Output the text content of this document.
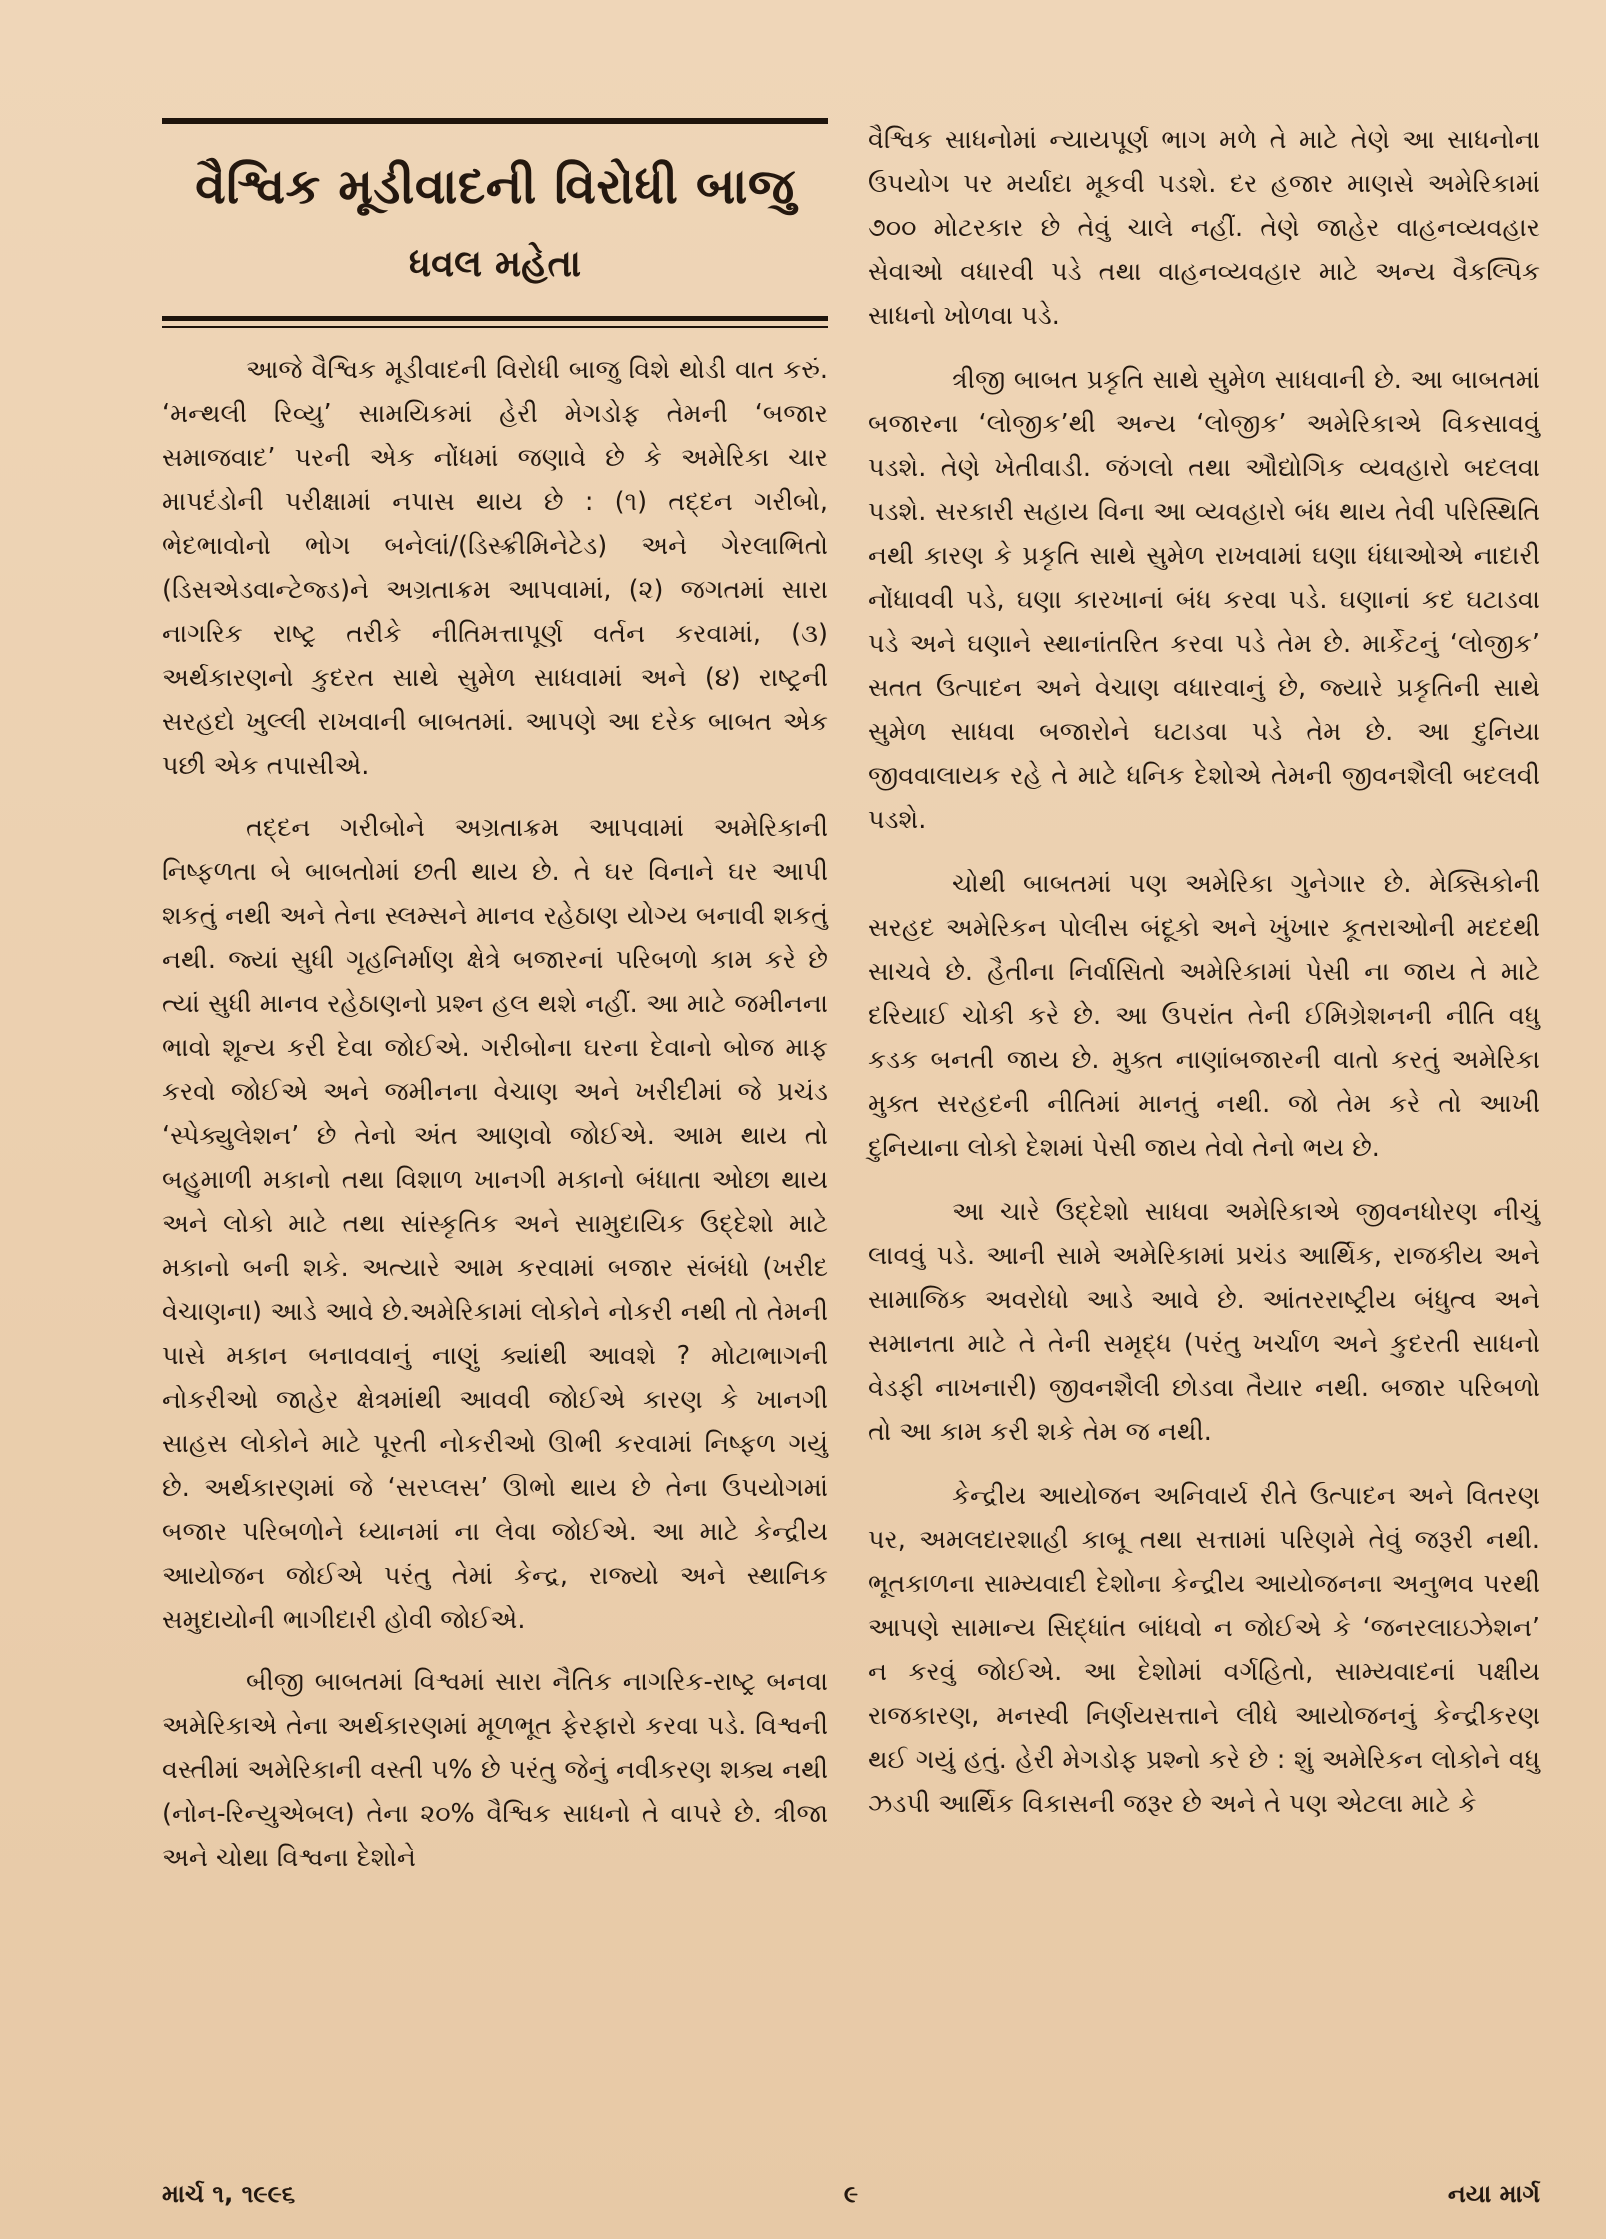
વૈશ્વિક મૂડીવાદની વિરોધી બાજુ
ધવલ મહેતા

આજે વૈશ્વિક મૂડીવાદની વિરોધી બાજુ વિશે થોડી વાત કરું. ‘મન્થલી રિવ્યુ’ સામયિકમાં હેરી મેગડોફ તેમની ‘બજાર સમાજવાદ’ પરની એક નોંધમાં જણાવે છે કે અમેરિકા ચાર માપદંડોની પરીક્ષામાં નપાસ થાય છે : (૧) તદ્દન ગરીબો, ભેદભાવોનો ભોગ બનેલાં/(ડિસ્ક્રીમિનેટેડ) અને ગેરલાભિતો (ડિસએડવાન્ટેજ્ડ)ને અગ્રતાક્રમ આપવામાં, (૨) જગતમાં સારા નાગરિક રાષ્ટ્ર તરીકે નીતિમત્તાપૂર્ણ વર્તન કરવામાં, (૩) અર્થકારણનો કુદરત સાથે સુમેળ સાધવામાં અને (૪) રાષ્ટ્રની સરહદો ખુલ્લી રાખવાની બાબતમાં. આપણે આ દરેક બાબત એક પછી એક તપાસીએ.

તદ્દન ગરીબોને અગ્રતાક્રમ આપવામાં અમેરિકાની નિષ્ફળતા બે બાબતોમાં છતી થાય છે. તે ઘર વિનાને ઘર આપી શકતું નથી અને તેના સ્લમ્સને માનવ રહેઠાણ યોગ્ય બનાવી શકતું નથી. જ્યાં સુધી ગૃહનિર્માણ ક્ષેત્રે બજારનાં પરિબળો કામ કરે છે ત્યાં સુધી માનવ રહેઠાણનો પ્રશ્ન હલ થશે નહીં. આ માટે જમીનના ભાવો શૂન્ય કરી દેવા જોઈએ. ગરીબોના ઘરના દેવાનો બોજ માફ કરવો જોઈએ અને જમીનના વેચાણ અને ખરીદીમાં જે પ્રચંડ ‘સ્પેક્યુલેશન’ છે તેનો અંત આણવો જોઈએ. આમ થાય તો બહુમાળી મકાનો તથા વિશાળ ખાનગી મકાનો બંધાતા ઓછા થાય અને લોકો માટે તથા સાંસ્કૃતિક અને સામુદાયિક ઉદ્દેશો માટે મકાનો બની શકે. અત્યારે આમ કરવામાં બજાર સંબંધો (ખરીદ વેચાણના) આડે આવે છે.અમેરિકામાં લોકોને નોકરી નથી તો તેમની પાસે મકાન બનાવવાનું નાણું ક્યાંથી આવશે ? મોટાભાગની નોકરીઓ જાહેર ક્ષેત્રમાંથી આવવી જોઈએ કારણ કે ખાનગી સાહસ લોકોને માટે પૂરતી નોકરીઓ ઊભી કરવામાં નિષ્ફળ ગયું છે. અર્થકારણમાં જે ‘સરપ્લસ’ ઊભો થાય છે તેના ઉપયોગમાં બજાર પરિબળોને ધ્યાનમાં ના લેવા જોઈએ. આ માટે કેન્દ્રીય આયોજન જોઈએ પરંતુ તેમાં કેન્દ્ર, રાજ્યો અને સ્થાનિક સમુદાયોની ભાગીદારી હોવી જોઈએ.

બીજી બાબતમાં વિશ્વમાં સારા નૈતિક નાગરિક-રાષ્ટ્ર બનવા અમેરિકાએ તેના અર્થકારણમાં મૂળભૂત ફેરફારો કરવા પડે. વિશ્વની વસ્તીમાં અમેરિકાની વસ્તી ૫% છે પરંતુ જેનું નવીકરણ શક્ય નથી (નોન-રિન્યુએબલ) તેના ૨૦% વૈશ્વિક સાધનો તે વાપરે છે. ત્રીજા અને ચોથા વિશ્વના દેશોને

વૈશ્વિક સાધનોમાં ન્યાયપૂર્ણ ભાગ મળે તે માટે તેણે આ સાધનોના ઉપયોગ પર મર્યાદા મૂકવી પડશે. દર હજાર માણસે અમેરિકામાં ૭૦૦ મોટરકાર છે તેવું ચાલે નહીં. તેણે જાહેર વાહનવ્યવહાર સેવાઓ વધારવી પડે તથા વાહનવ્યવહાર માટે અન્ય વૈકલ્પિક સાધનો ખોળવા પડે.

ત્રીજી બાબત પ્રકૃતિ સાથે સુમેળ સાધવાની છે. આ બાબતમાં બજારના ‘લોજીક’થી અન્ય ‘લોજીક’ અમેરિકાએ વિકસાવવું પડશે. તેણે ખેતીવાડી. જંગલો તથા ઔદ્યોગિક વ્યવહારો બદલવા પડશે. સરકારી સહાય વિના આ વ્યવહારો બંધ થાય તેવી પરિસ્થિતિ નથી કારણ કે પ્રકૃતિ સાથે સુમેળ રાખવામાં ઘણા ધંધાઓએ નાદારી નોંધાવવી પડે, ઘણા કારખાનાં બંધ કરવા પડે. ઘણાનાં કદ ઘટાડવા પડે અને ઘણાને સ્થાનાંતરિત કરવા પડે તેમ છે. માર્કેટનું ‘લોજીક’ સતત ઉત્પાદન અને વેચાણ વધારવાનું છે, જ્યારે પ્રકૃતિની સાથે સુમેળ સાધવા બજારોને ઘટાડવા પડે તેમ છે. આ દુનિયા જીવવાલાયક રહે તે માટે ધનિક દેશોએ તેમની જીવનશૈલી બદલવી પડશે.

ચોથી બાબતમાં પણ અમેરિકા ગુનેગાર છે. મેક્સિકોની સરહદ અમેરિકન પોલીસ બંદૂકો અને ખુંખાર કૂતરાઓની મદદથી સાચવે છે. હૈતીના નિર્વાસિતો અમેરિકામાં પેસી ના જાય તે માટે દરિયાઈ ચોકી કરે છે. આ ઉપરાંત તેની ઈમિગ્રેશનની નીતિ વધુ કડક બનતી જાય છે. મુક્ત નાણાંબજારની વાતો કરતું અમેરિકા મુક્ત સરહદની નીતિમાં માનતું નથી. જો તેમ કરે તો આખી દુનિયાના લોકો દેશમાં પેસી જાય તેવો તેનો ભય છે.

આ ચારે ઉદ્દેશો સાધવા અમેરિકાએ જીવનધોરણ નીચું લાવવું પડે. આની સામે અમેરિકામાં પ્રચંડ આર્થિક, રાજકીય અને સામાજિક અવરોધો આડે આવે છે. આંતરરાષ્ટ્રીય બંધુત્વ અને સમાનતા માટે તે તેની સમૃદ્ધ (પરંતુ ખર્ચાળ અને કુદરતી સાધનો વેડફી નાખનારી) જીવનશૈલી છોડવા તૈયાર નથી. બજાર પરિબળો તો આ કામ કરી શકે તેમ જ નથી.

કેન્દ્રીય આયોજન અનિવાર્ય રીતે ઉત્પાદન અને વિતરણ પર, અમલદારશાહી કાબૂ તથા સત્તામાં પરિણમે તેવું જરૂરી નથી. ભૂતકાળના સામ્યવાદી દેશોના કેન્દ્રીય આયોજનના અનુભવ પરથી આપણે સામાન્ય સિદ્ધાંત બાંધવો ન જોઈએ કે ‘જનરલાઇઝેશન’ ન કરવું જોઈએ. આ દેશોમાં વર્ગહિતો, સામ્યવાદનાં પક્ષીય રાજકારણ, મનસ્વી નિર્ણયસત્તાને લીધે આયોજનનું કેન્દ્રીકરણ થઈ ગયું હતું. હેરી મેગડોફ પ્રશ્નો કરે છે : શું અમેરિકન લોકોને વધુ ઝડપી આર્થિક વિકાસની જરૂર છે અને તે પણ એટલા માટે કે

માર્ચ ૧, ૧૯૯૬	૯	નયા માર્ગ
